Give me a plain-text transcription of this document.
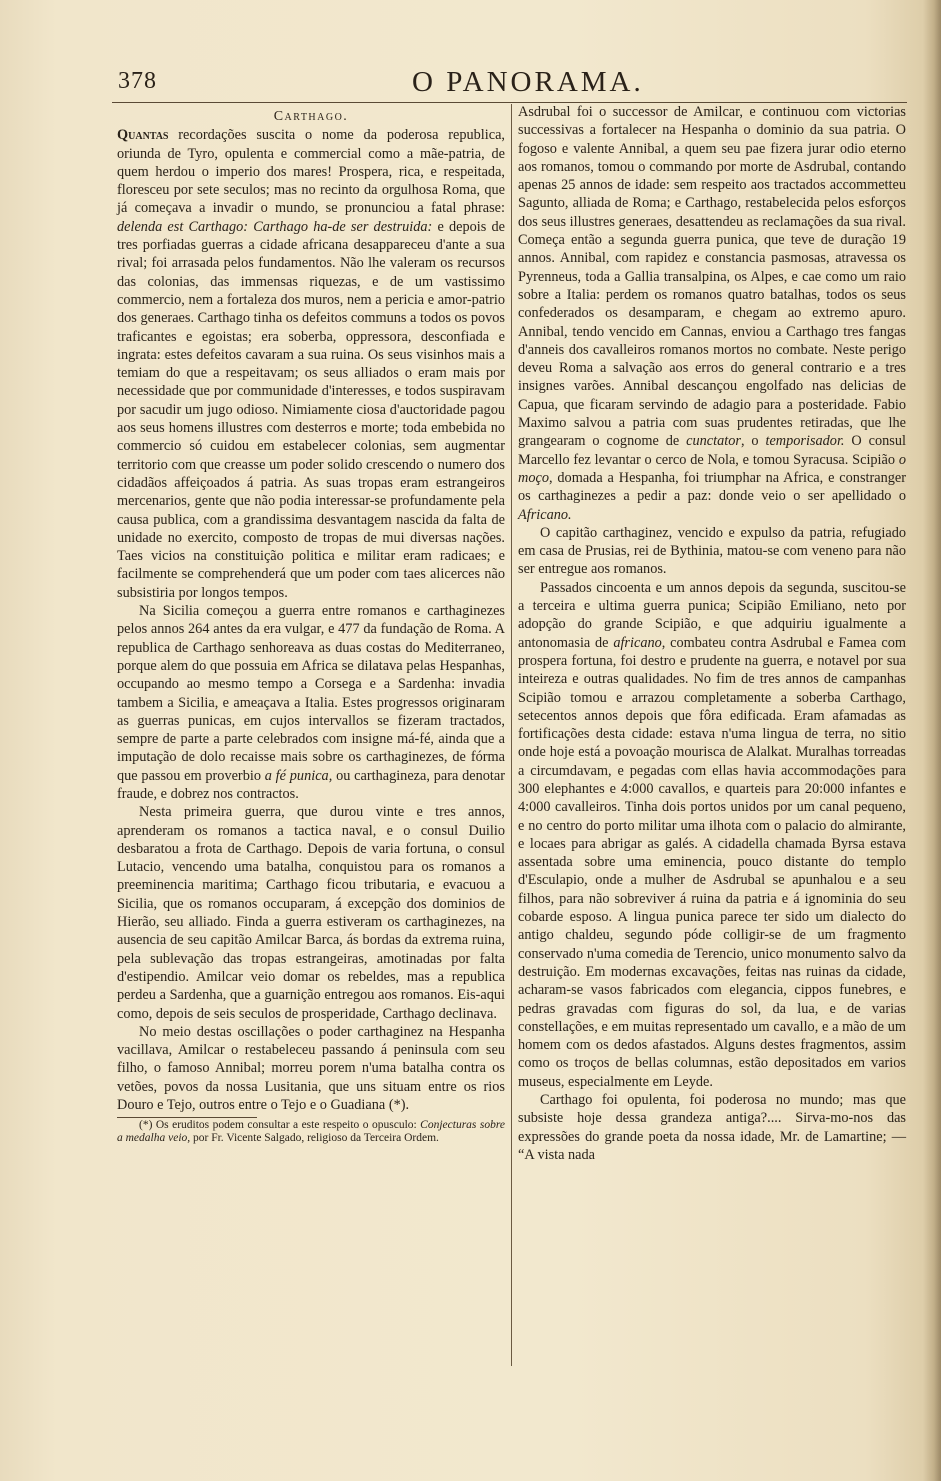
378	O PANORAMA.

Carthago.

Quantas recordações suscita o nome da poderosa republica, oriunda de Tyro, opulenta e commercial como a mãe-patria, de quem herdou o imperio dos mares! Prospera, rica, e respeitada, floresceu por sete seculos; mas no recinto da orgulhosa Roma, que já começava a invadir o mundo, se pronunciou a fatal phrase: delenda est Carthago: Carthago ha-de ser destruida: e depois de tres porfiadas guerras a cidade africana desappareceu d'ante a sua rival; foi arrasada pelos fundamentos. Não lhe valeram os recursos das colonias, das immensas riquezas, e de um vastissimo commercio, nem a fortaleza dos muros, nem a pericia e amor-patrio dos generaes. Carthago tinha os defeitos communs a todos os povos traficantes e egoistas; era soberba, oppressora, desconfiada e ingrata: estes defeitos cavaram a sua ruina. Os seus visinhos mais a temiam do que a respeitavam; os seus alliados o eram mais por necessidade que por communidade d'interesses, e todos suspiravam por sacudir um jugo odioso. Nimiamente ciosa d'auctoridade pagou aos seus homens illustres com desterros e morte; toda embebida no commercio só cuidou em estabelecer colonias, sem augmentar territorio com que creasse um poder solido crescendo o numero dos cidadãos affeiçoados á patria. As suas tropas eram estrangeiros mercenarios, gente que não podia interessar-se profundamente pela causa publica, com a grandissima desvantagem nascida da falta de unidade no exercito, composto de tropas de mui diversas nações. Taes vicios na constituição politica e militar eram radicaes; e facilmente se comprehenderá que um poder com taes alicerces não subsistiria por longos tempos.

Na Sicilia começou a guerra entre romanos e carthaginezes pelos annos 264 antes da era vulgar, e 477 da fundação de Roma. A republica de Carthago senhoreava as duas costas do Mediterraneo, porque alem do que possuia em Africa se dilatava pelas Hespanhas, occupando ao mesmo tempo a Corsega e a Sardenha: invadia tambem a Sicilia, e ameaçava a Italia. Estes progressos originaram as guerras punicas, em cujos intervallos se fizeram tractados, sempre de parte a parte celebrados com insigne má-fé, ainda que a imputação de dolo recaisse mais sobre os carthaginezes, de fórma que passou em proverbio a fé punica, ou carthagineza, para denotar fraude, e dobrez nos contractos.

Nesta primeira guerra, que durou vinte e tres annos, aprenderam os romanos a tactica naval, e o consul Duilio desbaratou a frota de Carthago. Depois de varia fortuna, o consul Lutacio, vencendo uma batalha, conquistou para os romanos a preeminencia maritima; Carthago ficou tributaria, e evacuou a Sicilia, que os romanos occuparam, á excepção dos dominios de Hierão, seu alliado. Finda a guerra estiveram os carthaginezes, na ausencia de seu capitão Amilcar Barca, ás bordas da extrema ruina, pela sublevação das tropas estrangeiras, amotinadas por falta d'estipendio. Amilcar veio domar os rebeldes, mas a republica perdeu a Sardenha, que a guarnição entregou aos romanos. Eis-aqui como, depois de seis seculos de prosperidade, Carthago declinava.

No meio destas oscillações o poder carthaginez na Hespanha vacillava, Amilcar o restabeleceu passando á peninsula com seu filho, o famoso Annibal; morreu porem n'uma batalha contra os vetões, povos da nossa Lusitania, que uns situam entre os rios Douro e Tejo, outros entre o Tejo e o Guadiana (*).

(*) Os eruditos podem consultar a este respeito o opusculo: Conjecturas sobre a medalha veio, por Fr. Vicente Salgado, religioso da Terceira Ordem.

Asdrubal foi o successor de Amilcar, e continuou com victorias successivas a fortalecer na Hespanha o dominio da sua patria. O fogoso e valente Annibal, a quem seu pae fizera jurar odio eterno aos romanos, tomou o commando por morte de Asdrubal, contando apenas 25 annos de idade: sem respeito aos tractados accommetteu Sagunto, alliada de Roma; e Carthago, restabelecida pelos esforços dos seus illustres generaes, desattendeu as reclamações da sua rival. Começa então a segunda guerra punica, que teve de duração 19 annos. Annibal, com rapidez e constancia pasmosas, atravessa os Pyrenneus, toda a Gallia transalpina, os Alpes, e cae como um raio sobre a Italia: perdem os romanos quatro batalhas, todos os seus confederados os desamparam, e chegam ao extremo apuro. Annibal, tendo vencido em Cannas, enviou a Carthago tres fangas d'anneis dos cavalleiros romanos mortos no combate. Neste perigo deveu Roma a salvação aos erros do general contrario e a tres insignes varões. Annibal descançou engolfado nas delicias de Capua, que ficaram servindo de adagio para a posteridade. Fabio Maximo salvou a patria com suas prudentes retiradas, que lhe grangearam o cognome de cunctator, o temporisador. O consul Marcello fez levantar o cerco de Nola, e tomou Syracusa. Scipião o moço, domada a Hespanha, foi triumphar na Africa, e constranger os carthaginezes a pedir a paz: donde veio o ser apellidado o Africano.

O capitão carthaginez, vencido e expulso da patria, refugiado em casa de Prusias, rei de Bythinia, matou-se com veneno para não ser entregue aos romanos.

Passados cincoenta e um annos depois da segunda, suscitou-se a terceira e ultima guerra punica; Scipião Emiliano, neto por adopção do grande Scipião, e que adquiriu igualmente a antonomasia de africano, combateu contra Asdrubal e Famea com prospera fortuna, foi destro e prudente na guerra, e notavel por sua inteireza e outras qualidades. No fim de tres annos de campanhas Scipião tomou e arrazou completamente a soberba Carthago, setecentos annos depois que fôra edificada. Eram afamadas as fortificações desta cidade: estava n'uma lingua de terra, no sitio onde hoje está a povoação mourisca de Alalkat. Muralhas torreadas a circumdavam, e pegadas com ellas havia accommodações para 300 elephantes e 4:000 cavallos, e quarteis para 20:000 infantes e 4:000 cavalleiros. Tinha dois portos unidos por um canal pequeno, e no centro do porto militar uma ilhota com o palacio do almirante, e locaes para abrigar as galés. A cidadella chamada Byrsa estava assentada sobre uma eminencia, pouco distante do templo d'Esculapio, onde a mulher de Asdrubal se apunhalou e a seu filhos, para não sobreviver á ruina da patria e á ignominia do seu cobarde esposo. A lingua punica parece ter sido um dialecto do antigo chaldeu, segundo póde colligir-se de um fragmento conservado n'uma comedia de Terencio, unico monumento salvo da destruição. Em modernas excavações, feitas nas ruinas da cidade, acharam-se vasos fabricados com elegancia, cippos funebres, e pedras gravadas com figuras do sol, da lua, e de varias constellações, e em muitas representado um cavallo, e a mão de um homem com os dedos afastados. Alguns destes fragmentos, assim como os troços de bellas columnas, estão depositados em varios museus, especialmente em Leyde.

Carthago foi opulenta, foi poderosa no mundo; mas que subsiste hoje dessa grandeza antiga?.... Sirva-mo-nos das expressões do grande poeta da nossa idade, Mr. de Lamartine; — “A vista nada
